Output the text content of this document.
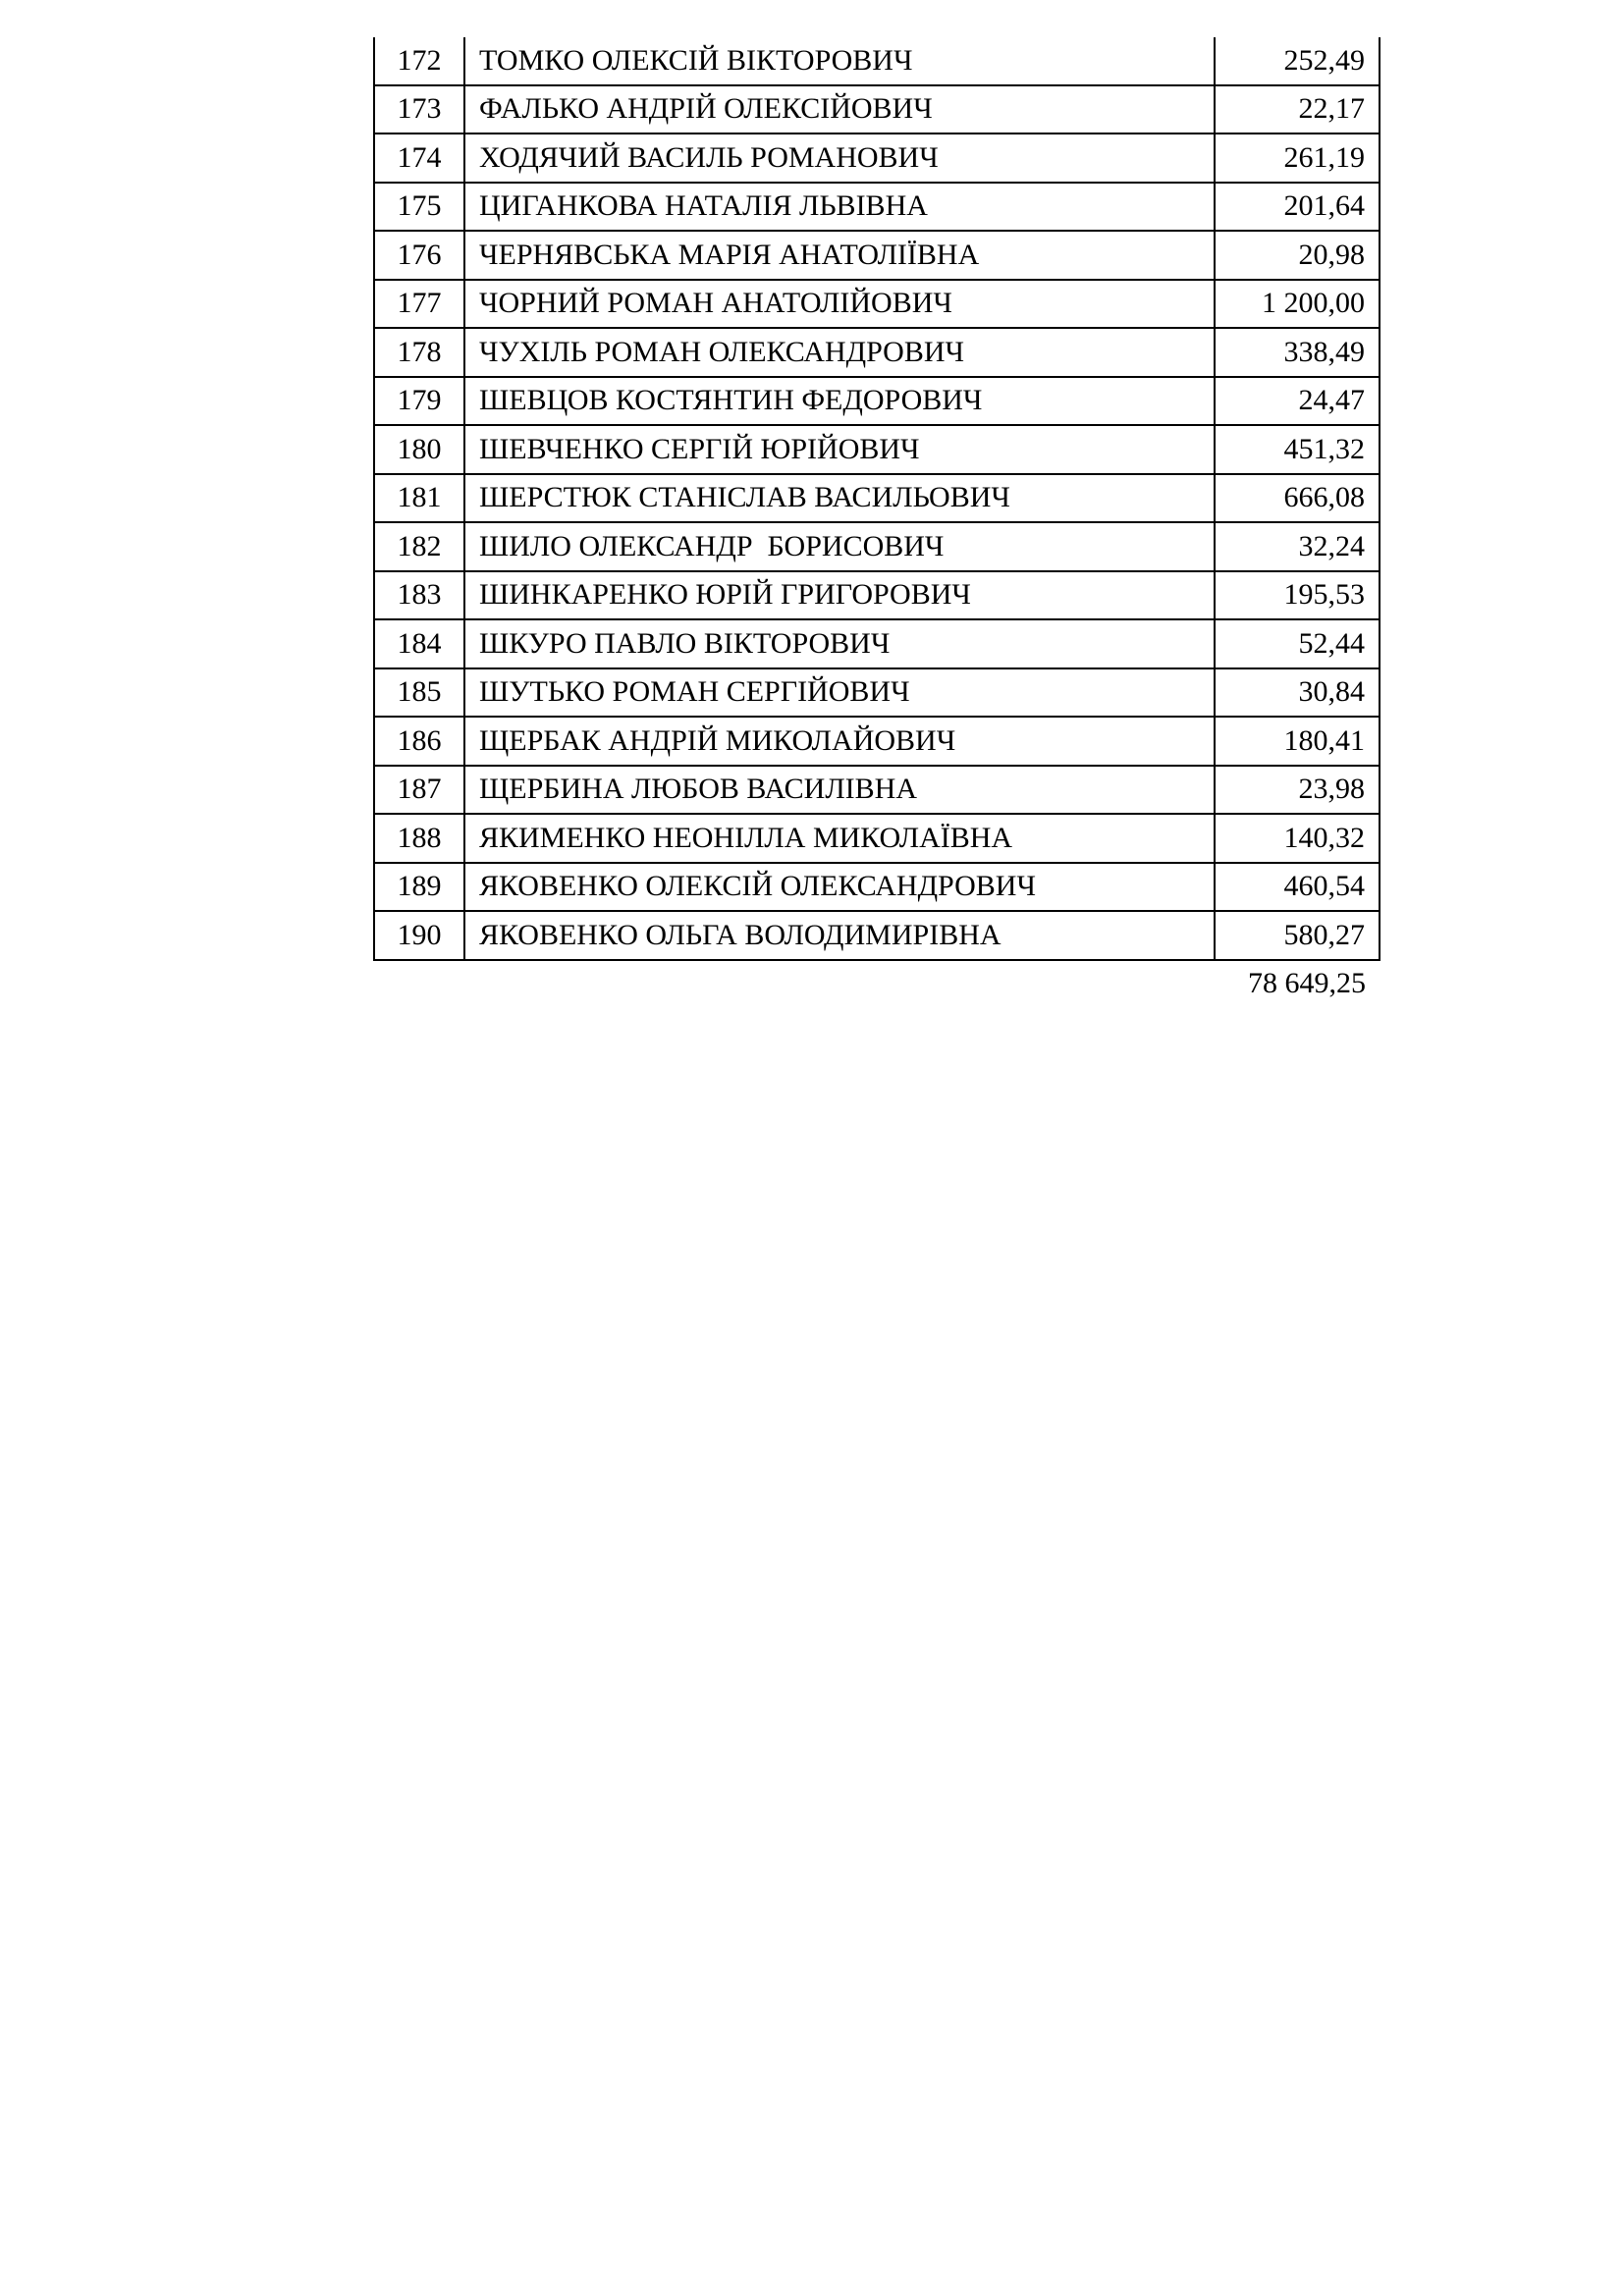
172	ТОМКО ОЛЕКСІЙ ВІКТОРОВИЧ	252,49
173	ФАЛЬКО АНДРІЙ ОЛЕКСІЙОВИЧ	22,17
174	ХОДЯЧИЙ ВАСИЛЬ РОМАНОВИЧ	261,19
175	ЦИГАНКОВА НАТАЛІЯ ЛЬВІВНА	201,64
176	ЧЕРНЯВСЬКА МАРІЯ АНАТОЛІЇВНА	20,98
177	ЧОРНИЙ РОМАН АНАТОЛІЙОВИЧ	1 200,00
178	ЧУХІЛЬ РОМАН ОЛЕКСАНДРОВИЧ	338,49
179	ШЕВЦОВ КОСТЯНТИН ФЕДОРОВИЧ	24,47
180	ШЕВЧЕНКО СЕРГІЙ ЮРІЙОВИЧ	451,32
181	ШЕРСТЮК СТАНІСЛАВ ВАСИЛЬОВИЧ	666,08
182	ШИЛО ОЛЕКСАНДР  БОРИСОВИЧ	32,24
183	ШИНКАРЕНКО ЮРІЙ ГРИГОРОВИЧ	195,53
184	ШКУРО ПАВЛО ВІКТОРОВИЧ	52,44
185	ШУТЬКО РОМАН СЕРГІЙОВИЧ	30,84
186	ЩЕРБАК АНДРІЙ МИКОЛАЙОВИЧ	180,41
187	ЩЕРБИНА ЛЮБОВ ВАСИЛІВНА	23,98
188	ЯКИМЕНКО НЕОНІЛЛА МИКОЛАЇВНА	140,32
189	ЯКОВЕНКО ОЛЕКСІЙ ОЛЕКСАНДРОВИЧ	460,54
190	ЯКОВЕНКО ОЛЬГА ВОЛОДИМИРІВНА	580,27
		78 649,25
